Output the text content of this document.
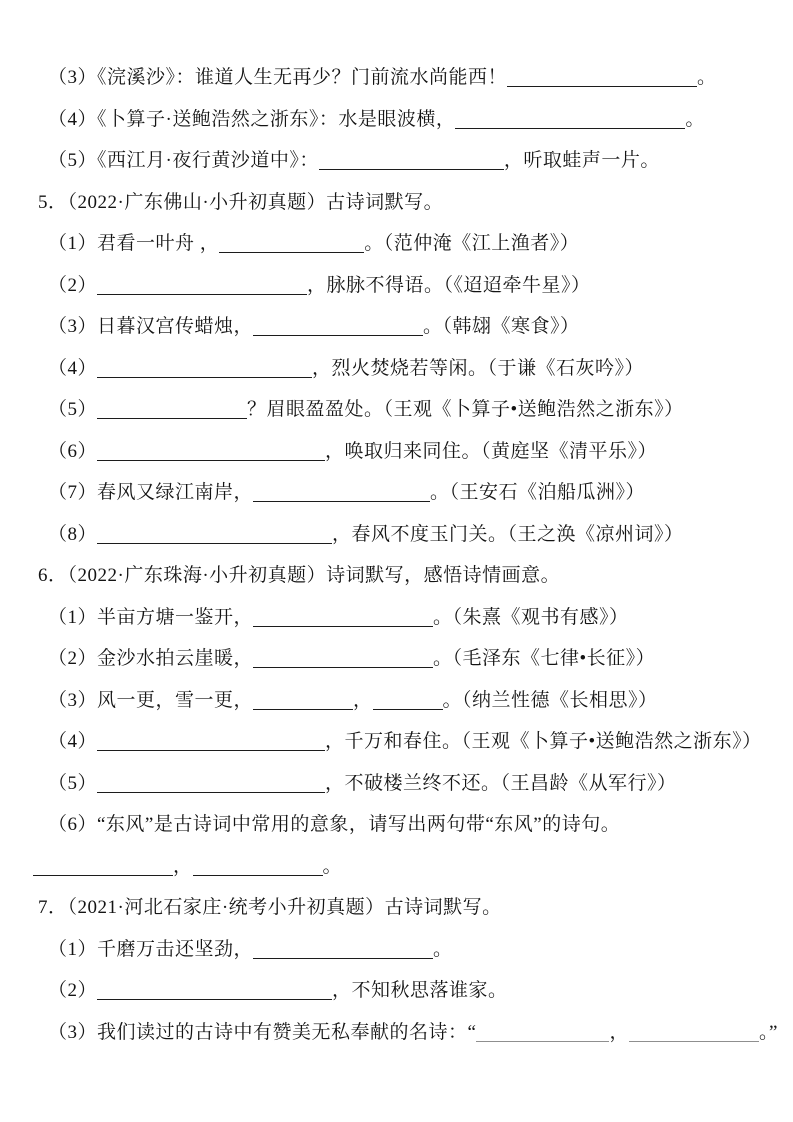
（3）《浣溪沙》：谁道人生无再少？门前流水尚能西！	。
（4）《卜算子·送鲍浩然之浙东》：水是眼波横，	。
（5）《西江月·夜行黄沙道中》：	，听取蛙声一片。
5．（2022·广东佛山·小升初真题）古诗词默写。
（1）君看一叶舟 ，	。（范仲淹《江上渔者》）
（2）	，脉脉不得语。（《迢迢牵牛星》）
（3）日暮汉宫传蜡烛，	。（韩翃《寒食》）
（4）	，烈火焚烧若等闲。（于谦《石灰吟》）
（5）	？眉眼盈盈处。（王观《卜算子•送鲍浩然之浙东》）
（6）	，唤取归来同住。（黄庭坚《清平乐》）
（7）春风又绿江南岸，	。（王安石《泊船瓜洲》）
（8）	，春风不度玉门关。（王之涣《凉州词》）
6．（2022·广东珠海·小升初真题）诗词默写，感悟诗情画意。
（1）半亩方塘一鉴开，	。（朱熹《观书有感》）
（2）金沙水拍云崖暖，	。（毛泽东《七律•长征》）
（3）风一更，雪一更，	，	。（纳兰性德《长相思》）
（4）	，千万和春住。（王观《卜算子•送鲍浩然之浙东》）
（5）	，不破楼兰终不还。（王昌龄《从军行》）
（6）“东风”是古诗词中常用的意象，请写出两句带“东风”的诗句。
，	。
7．（2021·河北石家庄·统考小升初真题）古诗词默写。
（1）千磨万击还坚劲，	。
（2）	，不知秋思落谁家。
（3）我们读过的古诗中有赞美无私奉献的名诗：“	，	。”
